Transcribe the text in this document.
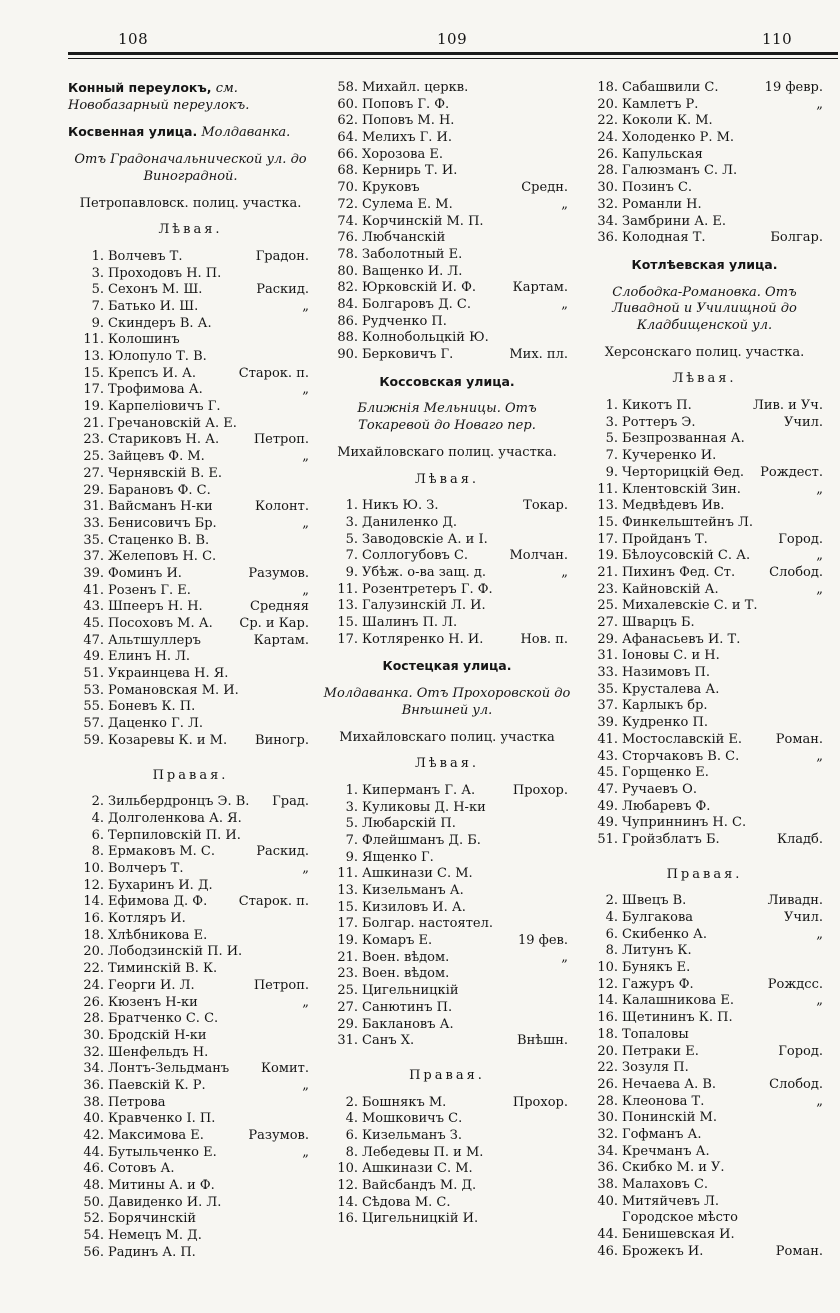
108	109	110
Конный переулокъ, см. Новобазарный переулокъ.
Косвенная улица. Молдаванка.
Отъ Градоначальнической ул. до Виноградной.
Петропавловск. полиц. участка.
Лѣвая.
1. Волчевъ Т.	Градон.
3. Проходовъ Н. П.
5. Сехонъ М. Ш.	Раскид.
7. Батько И. Ш.	„
9. Скиндеръ В. А.
11. Колошинъ
13. Юлопуло Т. В.
15. Крепсъ И. А.	Старок. п.
17. Трофимова А.	„
19. Карпеліовичъ Г.
21. Гречановскій А. Е.
23. Стариковъ Н. А.	Петроп.
25. Зайцевъ Ф. М.	„
27. Чернявскій В. Е.
29. Барановъ Ф. С.
31. Вайсманъ Н-ки	Колонт.
33. Бенисовичъ Бр.	„
35. Стаценко В. В.
37. Желеповъ Н. С.
39. Фоминъ И.	Разумов.
41. Розенъ Г. Е.	„
43. Шпееръ Н. Н.	Средняя
45. Посоховъ М. А.	Ср. и Кар.
47. Альтшуллеръ	Картам.
49. Елинъ Н. Л.
51. Украинцева Н. Я.
53. Романовская М. И.
55. Боневъ К. П.
57. Даценко Г. Л.
59. Козаревы К. и М.	Виногр.
Правая.
2. Зильбердронцъ Э. В.	Град.
4. Долголенкова А. Я.
6. Терпиловскій П. И.
8. Ермаковъ М. С.	Раскид.
10. Волчеръ Т.	„
12. Бухаринъ И. Д.
14. Ефимова Д. Ф.	Старок. п.
16. Котляръ И.
18. Хлѣбникова Е.
20. Лободзинскій П. И.
22. Тиминскій В. К.
24. Георги И. Л.	Петроп.
26. Кюзенъ Н-ки	„
28. Братченко С. С.
30. Бродскій Н-ки
32. Шенфельдъ Н.
34. Лонтъ-Зельдманъ	Комит.
36. Паевскій К. Р.	„
38. Петрова
40. Кравченко І. П.
42. Максимова Е.	Разумов.
44. Бутыльченко Е.	„
46. Сотовъ А.
48. Митины А. и Ф.
50. Давиденко И. Л.
52. Борячинскій
54. Немецъ М. Д.
56. Радинъ А. П.
58. Михайл. церкв.
60. Поповъ Г. Ф.
62. Поповъ М. Н.
64. Мелихъ Г. И.
66. Хорозова Е.
68. Кернирь Т. И.
70. Круковъ	Средн.
72. Сулема Е. М.	„
74. Корчинскій М. П.
76. Любчанскій
78. Заболотный Е.
80. Ващенко И. Л.
82. Юрковскій И. Ф.	Картам.
84. Болгаровъ Д. С.	„
86. Рудченко П.
88. Колнобольцкій Ю.
90. Берковичъ Г.	Мих. пл.
Коссовская улица.
Ближнія Мельницы. Отъ Токаревой до Новаго пер.
Михайловскаго полиц. участка.
Лѣвая.
1. Никъ Ю. З.	Токар.
3. Даниленко Д.
5. Заводовскіе А. и І.
7. Соллогубовъ С.	Молчан.
9. Убѣж. о-ва защ. д.	„
11. Розентретеръ Г. Ф.
13. Галузинскій Л. И.
15. Шалинъ П. Л.
17. Котляренко Н. И.	Нов. п.
Костецкая улица.
Молдаванка. Отъ Прохоровской до Внѣшней ул.
Михайловскаго полиц. участка
Лѣвая.
1. Киперманъ Г. А.	Прохор.
3. Куликовы Д. Н-ки
5. Любарскій П.
7. Флейшманъ Д. Б.
9. Ященко Г.
11. Ашкинази С. М.
13. Кизельманъ А.
15. Кизиловъ И. А.
17. Болгар. настоятел.
19. Комаръ Е.	19 фев.
21. Воен. вѣдом.	„
23. Воен. вѣдом.
25. Цигельницкій
27. Санютинъ П.
29. Баклановъ А.
31. Санъ Х.	Внѣшн.
Правая.
2. Бошнякъ М.	Прохор.
4. Мошковичъ С.
6. Кизельманъ З.
8. Лебедевы П. и М.
10. Ашкинази С. М.
12. Вайсбандъ М. Д.
14. Сѣдова М. С.
16. Цигельницкій И.
18. Сабашвили С.	19 февр.
20. Камлетъ Р.	„
22. Коколи К. М.
24. Холоденко Р. М.
26. Капульская
28. Галюзманъ С. Л.
30. Позинъ С.
32. Романли Н.
34. Замбрини А. Е.
36. Колодная Т.	Болгар.
Котлѣевская улица.
Слободка-Романовка. Отъ Ливадной и Училищной до Кладбищенской ул.
Херсонскаго полиц. участка.
Лѣвая.
1. Кикотъ П.	Лив. и Уч.
3. Роттеръ Э.	Учил.
5. Безпрозванная А.
7. Кучеренко И.
9. Черторицкій Ѳед.	Рождест.
11. Клентовскій Зин.	„
13. Медвѣдевъ Ив.
15. Финкельштейнъ Л.
17. Пройданъ Т.	Город.
19. Бѣлоусовскій С. А.	„
21. Пихинъ Фед. Ст.	Слобод.
23. Кайновскій А.	„
25. Михалевскіе С. и Т.
27. Шварцъ Б.
29. Афанасьевъ И. Т.
31. Іоновы С. и Н.
33. Назимовъ П.
35. Крусталева А.
37. Карлыкъ бр.
39. Кудренко П.
41. Мостославскій Е.	Роман.
43. Сторчаковъ В. С.	„
45. Горщенко Е.
47. Ручаевъ О.
49. Любаревъ Ф.
49. Чуприннинъ Н. С.
51. Гройзблатъ Б.	Кладб.
Правая.
2. Швецъ В.	Ливадн.
4. Булгакова	Учил.
6. Скибенко А.	„
8. Литунъ К.
10. Бунякъ Е.
12. Гажуръ Ф.	Рождсс.
14. Калашникова Е.	„
16. Щетининъ К. П.
18. Топаловы
20. Петраки Е.	Город.
22. Зозуля П.
26. Нечаева А. В.	Слобод.
28. Клеонова Т.	„
30. Понинскій М.
32. Гофманъ А.
34. Кречманъ А.
36. Скибко М. и У.
38. Малаховъ С.
40. Митяйчевъ Л.
Городское мѣсто
44. Бенишевская И.
46. Брожекъ И.	Роман.
